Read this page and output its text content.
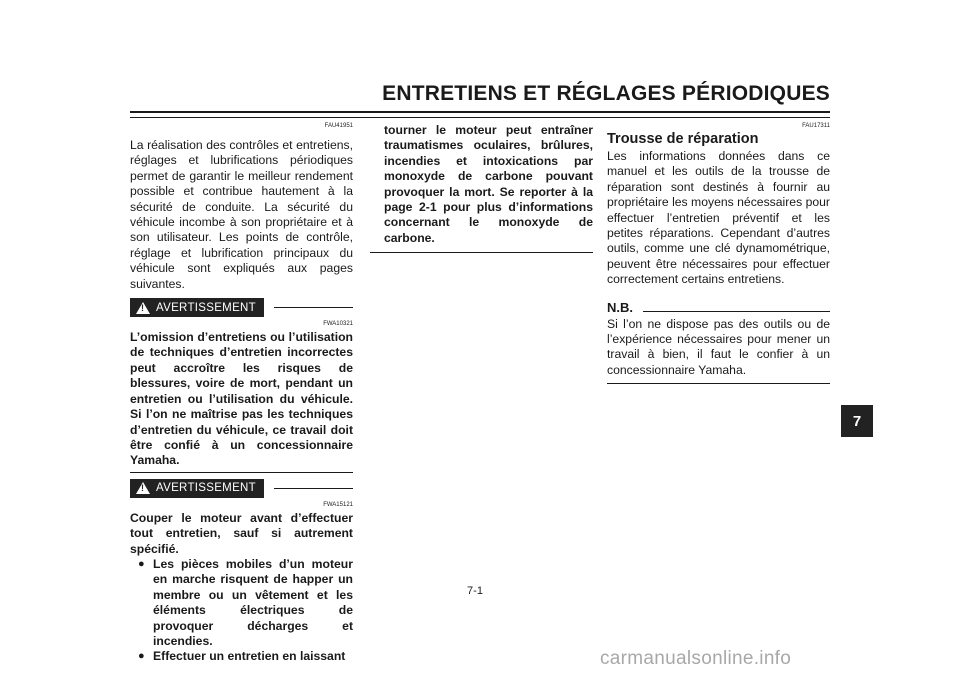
ENTRETIENS ET RÉGLAGES PÉRIODIQUES
FAU41951

La réalisation des contrôles et entretiens, réglages et lubrifications périodiques permet de garantir le meilleur rendement possible et contribue hautement à la sécurité de conduite. La sécurité du véhicule incombe à son propriétaire et à son utilisateur. Les points de contrôle, réglage et lubrification principaux du véhicule sont expliqués aux pages suivantes.

! AVERTISSEMENT
FWA10321

L’omission d’entretiens ou l’utilisation de techniques d’entretien incorrectes peut accroître les risques de blessures, voire de mort, pendant un entretien ou l’utilisation du véhicule. Si l’on ne maîtrise pas les techniques d’entretien du véhicule, ce travail doit être confié à un concessionnaire Yamaha.

! AVERTISSEMENT
FWA15121

Couper le moteur avant d’effectuer tout entretien, sauf si autrement spécifié.

● Les pièces mobiles d’un moteur en marche risquent de happer un membre ou un vêtement et les éléments électriques de provoquer décharges et incendies.
● Effectuer un entretien en laissant

tourner le moteur peut entraîner traumatismes oculaires, brûlures, incendies et intoxications par monoxyde de carbone pouvant provoquer la mort. Se reporter à la page 2-1 pour plus d’informations concernant le monoxyde de carbone.

FAU17311
Trousse de réparation

Les informations données dans ce manuel et les outils de la trousse de réparation sont destinés à fournir au propriétaire les moyens nécessaires pour effectuer l’entretien préventif et les petites réparations. Cependant d’autres outils, comme une clé dynamométrique, peuvent être nécessaires pour effectuer correctement certains entretiens.

N.B.

Si l’on ne dispose pas des outils ou de l’expérience nécessaires pour mener un travail à bien, il faut le confier à un concessionnaire Yamaha.

7-1
7
carmanualsonline.info
